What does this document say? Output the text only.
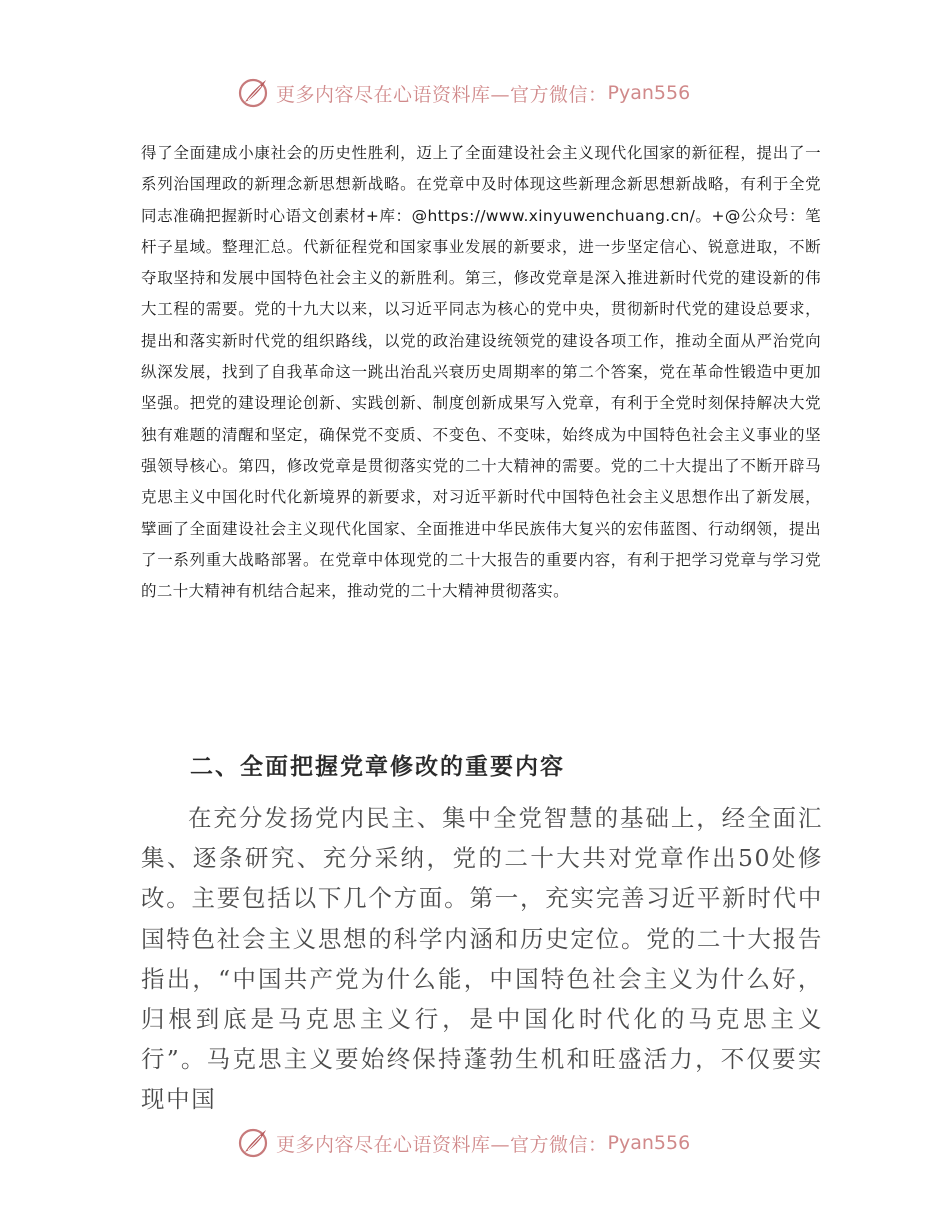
更多内容尽在心语资料库—官方微信： Pyan556
得了全面建成小康社会的历史性胜利，迈上了全面建设社会主义现代化国家的新征程，提出了一系列治国理政的新理念新思想新战略。在党章中及时体现这些新理念新思想新战略，有利于全党同志准确把握新时心语文创素材+库：@https://www.xinyuwenchuang.cn/。+@公众号：笔杆子星域。整理汇总。代新征程党和国家事业发展的新要求，进一步坚定信心、锐意进取，不断夺取坚持和发展中国特色社会主义的新胜利。第三，修改党章是深入推进新时代党的建设新的伟大工程的需要。党的十九大以来，以习近平同志为核心的党中央，贯彻新时代党的建设总要求，提出和落实新时代党的组织路线，以党的政治建设统领党的建设各项工作，推动全面从严治党向纵深发展，找到了自我革命这一跳出治乱兴衰历史周期率的第二个答案，党在革命性锻造中更加坚强。把党的建设理论创新、实践创新、制度创新成果写入党章，有利于全党时刻保持解决大党独有难题的清醒和坚定，确保党不变质、不变色、不变味，始终成为中国特色社会主义事业的坚强领导核心。第四，修改党章是贯彻落实党的二十大精神的需要。党的二十大提出了不断开辟马克思主义中国化时代化新境界的新要求，对习近平新时代中国特色社会主义思想作出了新发展，擘画了全面建设社会主义现代化国家、全面推进中华民族伟大复兴的宏伟蓝图、行动纲领，提出了一系列重大战略部署。在党章中体现党的二十大报告的重要内容，有利于把学习党章与学习党的二十大精神有机结合起来，推动党的二十大精神贯彻落实。
二、全面把握党章修改的重要内容
在充分发扬党内民主、集中全党智慧的基础上，经全面汇集、逐条研究、充分采纳，党的二十大共对党章作出50处修改。主要包括以下几个方面。第一，充实完善习近平新时代中国特色社会主义思想的科学内涵和历史定位。党的二十大报告指出，“中国共产党为什么能，中国特色社会主义为什么好，归根到底是马克思主义行，是中国化时代化的马克思主义行”。马克思主义要始终保持蓬勃生机和旺盛活力，不仅要实现中国
更多内容尽在心语资料库—官方微信： Pyan556
